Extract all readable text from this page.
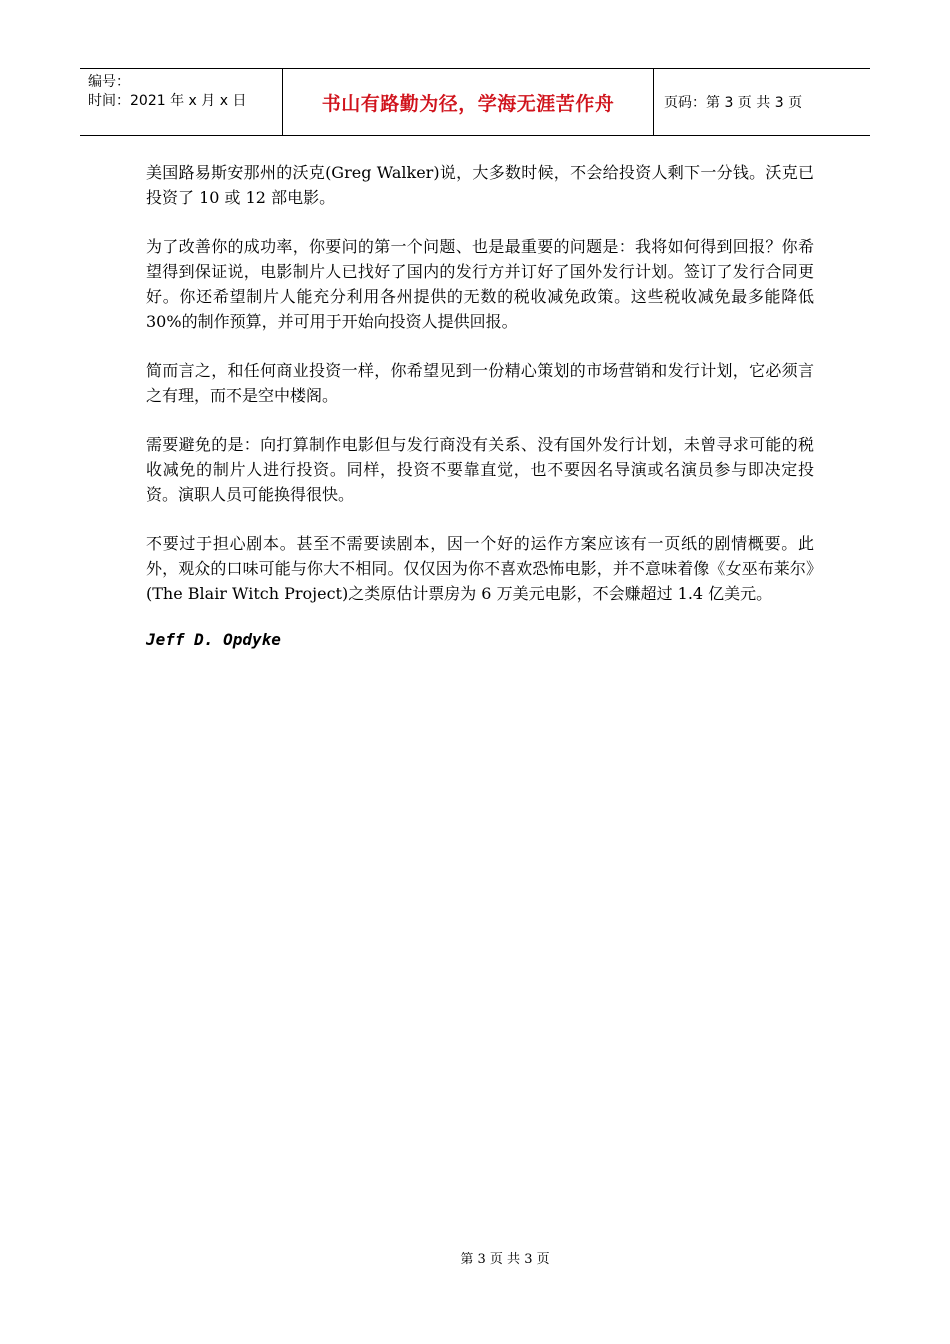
编号：
时间：2021 年 x 月 x 日	书山有路勤为径，学海无涯苦作舟	页码：第 3 页 共 3 页

美国路易斯安那州的沃克(Greg Walker)说，大多数时候，不会给投资人剩下一分钱。沃克已投资了 10 或 12 部电影。

为了改善你的成功率，你要问的第一个问题、也是最重要的问题是：我将如何得到回报？你希望得到保证说，电影制片人已找好了国内的发行方并订好了国外发行计划。签订了发行合同更好。你还希望制片人能充分利用各州提供的无数的税收减免政策。这些税收减免最多能降低 30%的制作预算，并可用于开始向投资人提供回报。

简而言之，和任何商业投资一样，你希望见到一份精心策划的市场营销和发行计划，它必须言之有理，而不是空中楼阁。

需要避免的是：向打算制作电影但与发行商没有关系、没有国外发行计划，未曾寻求可能的税收减免的制片人进行投资。同样，投资不要靠直觉，也不要因名导演或名演员参与即决定投资。演职人员可能换得很快。

不要过于担心剧本。甚至不需要读剧本，因一个好的运作方案应该有一页纸的剧情概要。此外，观众的口味可能与你大不相同。仅仅因为你不喜欢恐怖电影，并不意味着像《女巫布莱尔》(The Blair Witch Project)之类原估计票房为 6 万美元电影，不会赚超过 1.4 亿美元。

Jeff D. Opdyke
第 3 页 共 3 页
